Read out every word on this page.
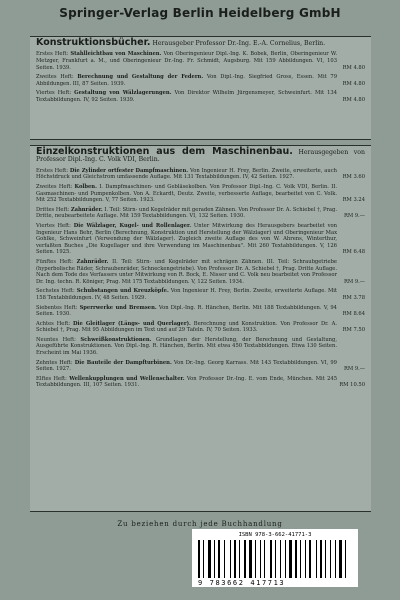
Springer-Verlag Berlin Heidelberg GmbH
Konstruktionsbücher. Herausgeber Professor Dr.-Ing. E.-A. Cornelius, Berlin.
Erstes Heft: Stahlleichtbau von Maschinen. Von Oberingenieur Dipl.-Ing. K. Bobek, Berlin, Oberingenieur W. Metzger, Frankfurt a. M., und Oberingenieur Dr.-Ing. Fr. Schmidt, Augsburg. Mit 159 Abbildungen. VI, 103 Seiten. 1939.	RM 4.80
Zweites Heft: Berechnung und Gestaltung der Federn. Von Dipl.-Ing. Siegfried Gross, Essen. Mit 79 Abbildungen. III, 87 Seiten. 1939.	RM 4.80
Viertes Heft: Gestaltung von Wälzlagerungen. Von Direktor Wilhelm Jürgensmeyer, Schweinfurt. Mit 134 Textabbildungen. IV, 92 Seiten. 1939.	RM 4.80
Einzelkonstruktionen aus dem Maschinenbau. Herausgegeben von Professor Dipl.-Ing. C. Volk VDI, Berlin.
Erstes Heft: Die Zylinder ortfester Dampfmaschinen. Von Ingenieur H. Frey, Berlin. Zweite, erweiterte, auch Höchstdruck und Gleichstrom umfassende Auflage. Mit 131 Textabbildungen. IV, 42 Seiten. 1927.	RM 3.60
Zweites Heft: Kolben. I. Dampfmaschinen- und Gebläsekolben. Von Professor Dipl.-Ing. C. Volk VDI, Berlin. II. Gasmaschinen- und Pumpenkolben. Von A. Eckardt, Deutz. Zweite, verbesserte Auflage, bearbeitet von C. Volk. Mit 252 Textabbildungen. V, 77 Seiten. 1923.	RM 3.24
Drittes Heft: Zahnräder. I. Teil: Stirn- und Kegelräder mit geraden Zähnen. Von Professor Dr. A. Schiebel †, Prag. Dritte, neubearbeitete Auflage. Mit 159 Textabbildungen. VI, 132 Seiten. 1930.	RM 9.—
Viertes Heft: Die Wälzlager, Kugel- und Rollenlager. Unter Mitwirkung des Herausgebers bearbeitet von Ingenieur Hans Behr, Berlin (Berechnung, Konstruktion und Herstellung der Wälzlager) und Oberingenieur Max Gohlke, Schweinfurt (Verwendung der Wälzlager). Zugleich zweite Auflage des von W. Ahrens, Winterthur, verfaßten Buches „Die Kugellager und ihre Verwendung im Maschinenbau". Mit 260 Textabbildungen. V, 126 Seiten. 1925.	RM 6.48
Fünftes Heft: Zahnräder. II. Teil: Stirn- und Kegelräder mit schrägen Zähnen. III. Teil: Schraubgetriebe (hyperbolische Räder, Schraubenräder, Schneckengetriebe). Von Professor Dr. A. Schiebel †, Prag. Dritte Auflage. Nach dem Tode des Verfassers unter Mitwirkung von R. Bock, E. Nisser und C. Volk neu bearbeitet von Professor Dr. Ing. techn. R. Königer, Prag. Mit 175 Textabbildungen. V, 122 Seiten. 1934.	RM 9.—
Sechstes Heft: Schubstangen und Kreuzköpfe. Von Ingenieur H. Frey, Berlin. Zweite, erweiterte Auflage. Mit 158 Textabbildungen. IV, 48 Seiten. 1929.	RM 3.78
Siebentes Heft: Sperrwerke und Bremsen. Von Dipl.-Ing. R. Hänchen, Berlin. Mit 188 Textabbildungen. V, 94 Seiten. 1930.	RM 8.64
Achtes Heft: Die Gleitlager (Längs- und Querlager). Berechnung und Konstruktion. Von Professor Dr. A. Schiebel †, Prag. Mit 95 Abbildungen im Text und auf 29 Tafeln. IV, 70 Seiten. 1933.	RM 7.50
Neuntes Heft: Schweißkonstruktionen. Grundlagen der Herstellung, der Berechnung und Gestaltung, Ausgeführte Konstruktionen. Von Dipl.-Ing. R. Hänchen, Berlin. Mit etwa 450 Textabbildungen. Etwa 130 Seiten. Erscheint im Mai 1936.
Zehntes Heft: Die Bauteile der Dampfturbinen. Von Dr.-Ing. Georg Karrass. Mit 143 Textabbildungen. VI, 99 Seiten. 1927.	RM 9.—
Elftes Heft: Wellenkupplungen und Wellenschalter. Von Professor Dr.-Ing. E. vom Ende, München. Mit 245 Textabbildungen. III, 107 Seiten. 1931.	RM 10.50
Zu beziehen durch jede Buchhandlung
ISBN 978-3-662-41771-3
9 783662 417713
